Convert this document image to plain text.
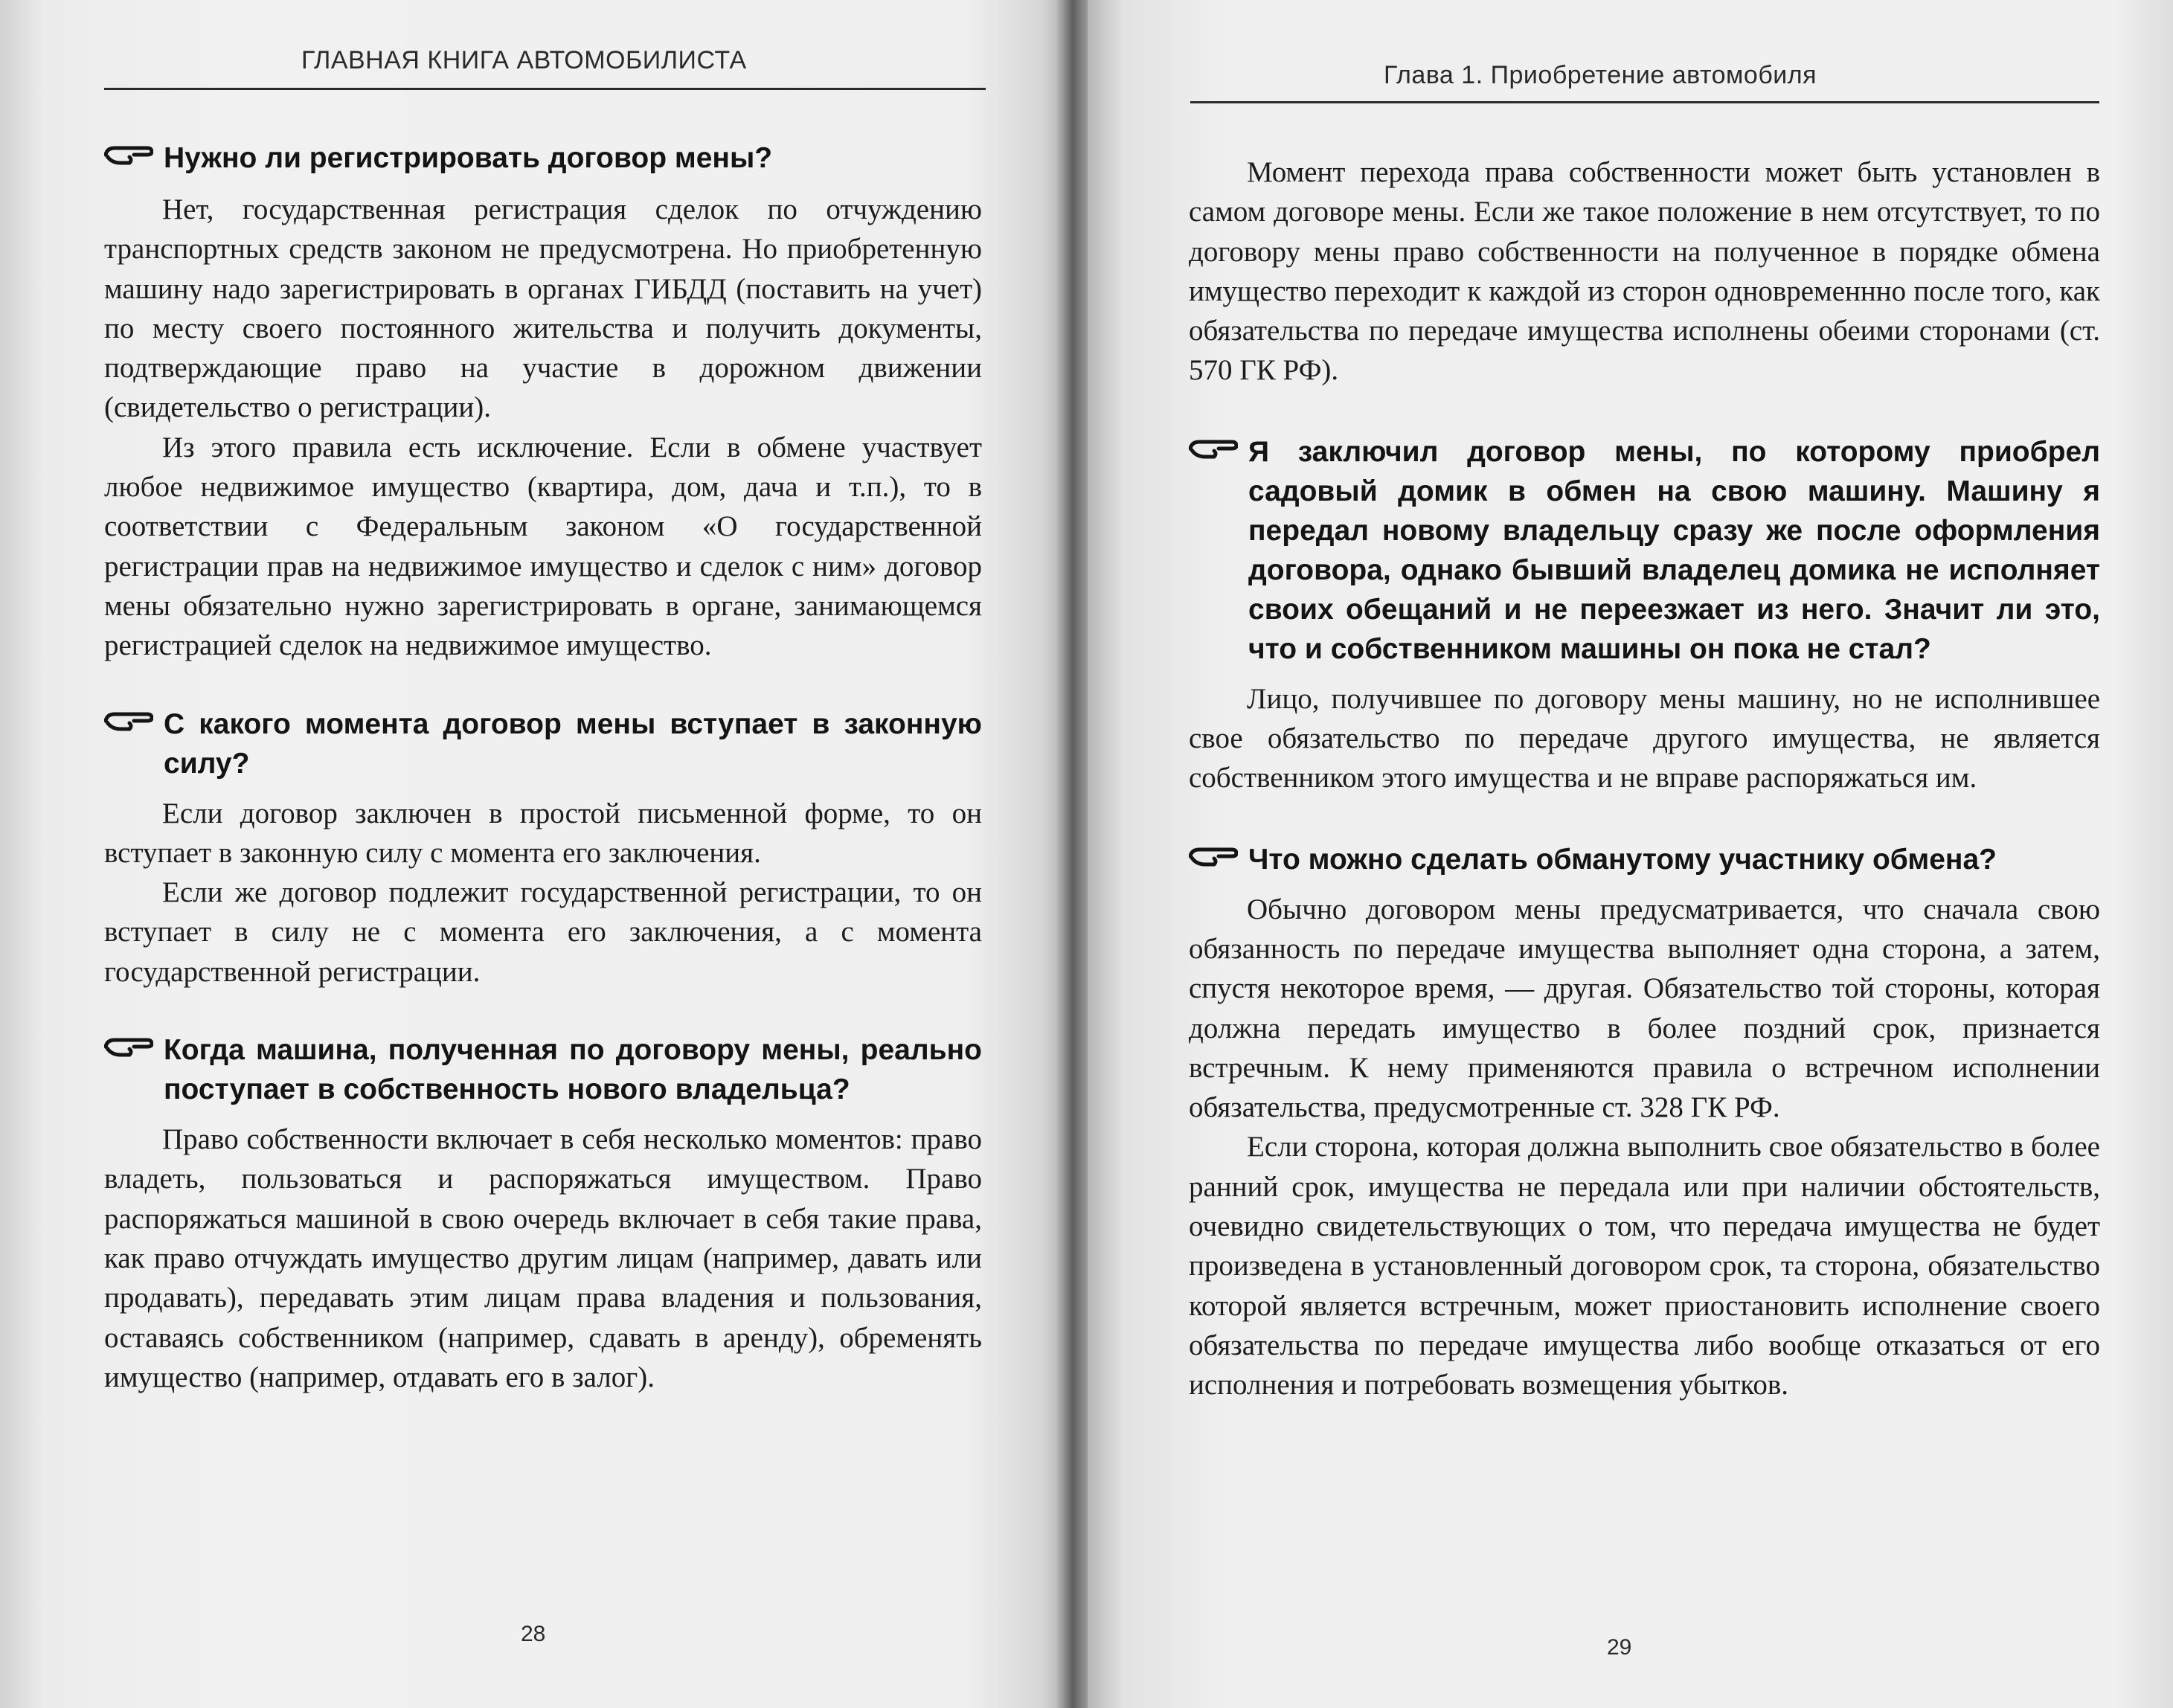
ГЛАВНАЯ КНИГА АВТОМОБИЛИСТА
Нужно ли регистрировать договор мены?

Нет, государственная регистрация сделок по отчуждению транспортных средств законом не предусмотрена. Но приобретенную машину надо зарегистрировать в органах ГИБДД (поставить на учет) по месту своего постоянного жительства и получить документы, подтверждающие право на участие в дорожном движении (свидетельство о регистрации).

Из этого правила есть исключение. Если в обмене участвует любое недвижимое имущество (квартира, дом, дача и т.п.), то в соответствии с Федеральным законом «О государственной регистрации прав на недвижимое имущество и сделок с ним» договор мены обязательно нужно зарегистрировать в органе, занимающемся регистрацией сделок на недвижимое имущество.

С какого момента договор мены вступает в законную силу?

Если договор заключен в простой письменной форме, то он вступает в законную силу с момента его заключения.

Если же договор подлежит государственной регистрации, то он вступает в силу не с момента его заключения, а с момента государственной регистрации.

Когда машина, полученная по договору мены, реально поступает в собственность нового владельца?

Право собственности включает в себя несколько моментов: право владеть, пользоваться и распоряжаться имуществом. Право распоряжаться машиной в свою очередь включает в себя такие права, как право отчуждать имущество другим лицам (например, давать или продавать), передавать этим лицам права владения и пользования, оставаясь собственником (например, сдавать в аренду), обременять имущество (например, отдавать его в залог).

28
Глава 1. Приобретение автомобиля

Момент перехода права собственности может быть установлен в самом договоре мены. Если же такое положение в нем отсутствует, то по договору мены право собственности на полученное в порядке обмена имущество переходит к каждой из сторон одновременнно после того, как обязательства по передаче имущества исполнены обеими сторонами (ст. 570 ГК РФ).

Я заключил договор мены, по которому приобрел садовый домик в обмен на свою машину. Машину я передал новому владельцу сразу же после оформления договора, однако бывший владелец домика не исполняет своих обещаний и не переезжает из него. Значит ли это, что и собственником машины он пока не стал?

Лицо, получившее по договору мены машину, но не исполнившее свое обязательство по передаче другого имущества, не является собственником этого имущества и не вправе распоряжаться им.

Что можно сделать обманутому участнику обмена?

Обычно договором мены предусматривается, что сначала свою обязанность по передаче имущества выполняет одна сторона, а затем, спустя некоторое время, — другая. Обязательство той стороны, которая должна передать имущество в более поздний срок, признается встречным. К нему применяются правила о встречном исполнении обязательства, предусмотренные ст. 328 ГК РФ.

Если сторона, которая должна выполнить свое обязательство в более ранний срок, имущества не передала или при наличии обстоятельств, очевидно свидетельствующих о том, что передача имущества не будет произведена в установленный договором срок, та сторона, обязательство которой является встречным, может приостановить исполнение своего обязательства по передаче имущества либо вообще отказаться от его исполнения и потребовать возмещения убытков.

29
